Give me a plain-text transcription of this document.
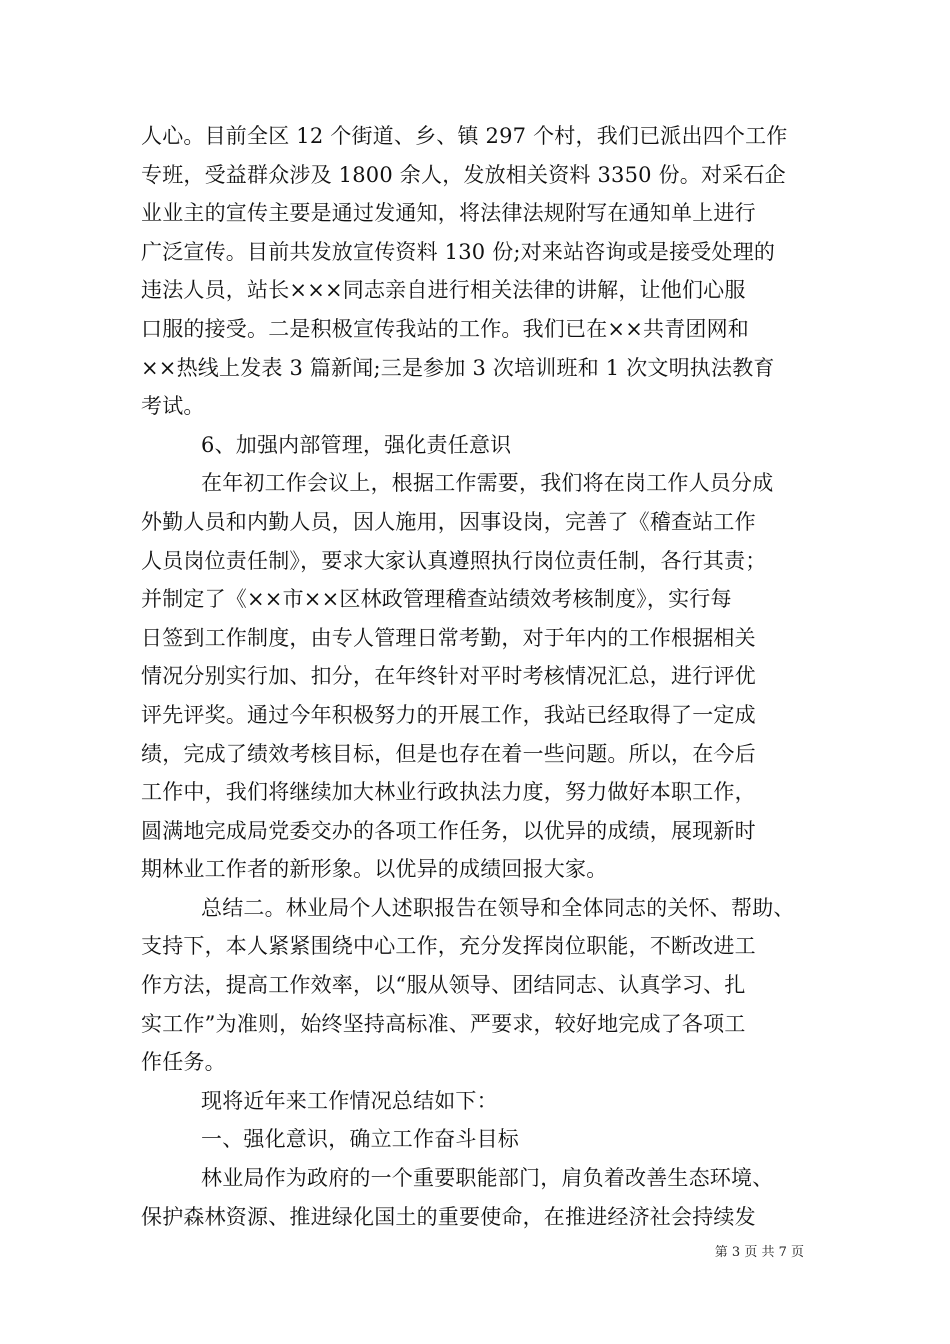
人心。目前全区 12 个街道、乡、镇 297 个村，我们已派出四个工作
专班，受益群众涉及 1800 余人，发放相关资料 3350 份。对采石企
业业主的宣传主要是通过发通知，将法律法规附写在通知单上进行
广泛宣传。目前共发放宣传资料 130 份;对来站咨询或是接受处理的
违法人员，站长×××同志亲自进行相关法律的讲解，让他们心服
口服的接受。二是积极宣传我站的工作。我们已在××共青团网和
××热线上发表 3 篇新闻;三是参加 3 次培训班和 1 次文明执法教育
考试。
6、加强内部管理，强化责任意识
在年初工作会议上，根据工作需要，我们将在岗工作人员分成
外勤人员和内勤人员，因人施用，因事设岗，完善了《稽查站工作
人员岗位责任制》，要求大家认真遵照执行岗位责任制，各行其责；
并制定了《××市××区林政管理稽查站绩效考核制度》，实行每
日签到工作制度，由专人管理日常考勤，对于年内的工作根据相关
情况分别实行加、扣分，在年终针对平时考核情况汇总，进行评优
评先评奖。通过今年积极努力的开展工作，我站已经取得了一定成
绩，完成了绩效考核目标，但是也存在着一些问题。所以，在今后
工作中，我们将继续加大林业行政执法力度，努力做好本职工作，
圆满地完成局党委交办的各项工作任务，以优异的成绩，展现新时
期林业工作者的新形象。以优异的成绩回报大家。
总结二。林业局个人述职报告在领导和全体同志的关怀、帮助、
支持下，本人紧紧围绕中心工作，充分发挥岗位职能，不断改进工
作方法，提高工作效率，以“服从领导、团结同志、认真学习、扎
实工作”为准则，始终坚持高标准、严要求，较好地完成了各项工
作任务。
现将近年来工作情况总结如下：
一、强化意识，确立工作奋斗目标
林业局作为政府的一个重要职能部门，肩负着改善生态环境、
保护森林资源、推进绿化国土的重要使命，在推进经济社会持续发
第 3 页 共 7 页
